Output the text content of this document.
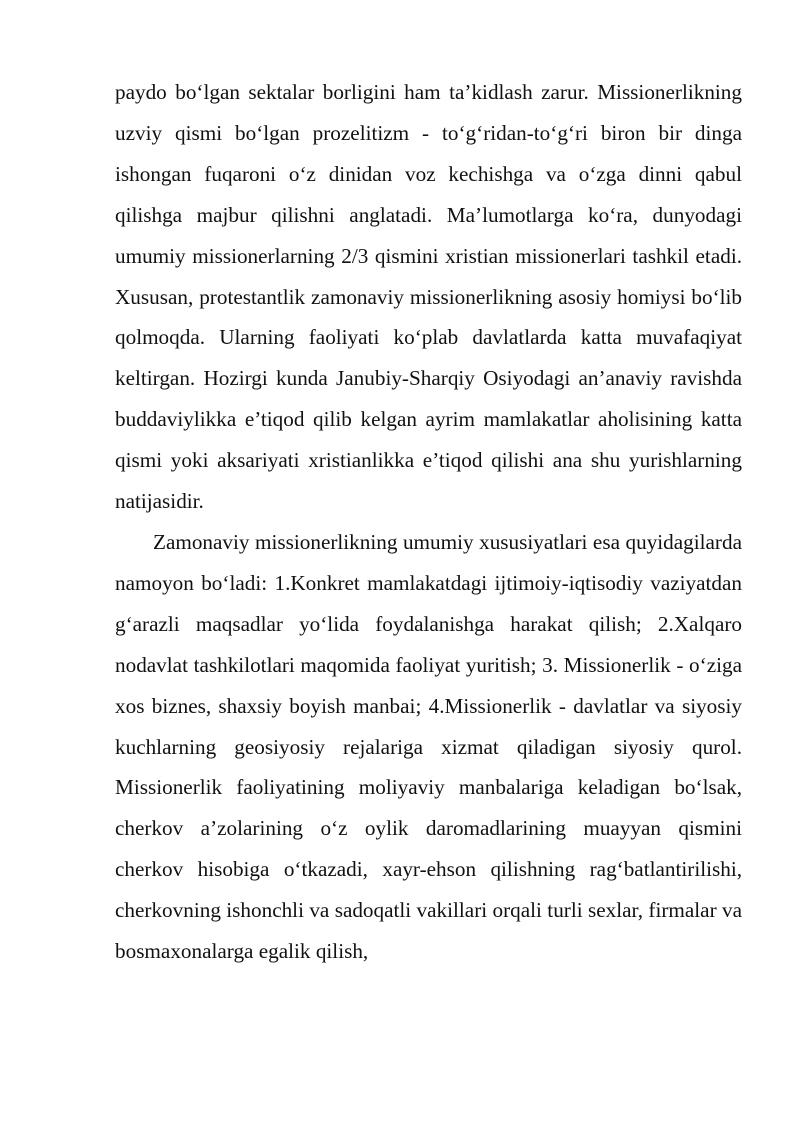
paydo bo‘lgan sektalar borligini ham ta’kidlash zarur. Missionerlikning uzviy qismi bo‘lgan prozelitizm - to‘g‘ridan-to‘g‘ri biron bir dinga ishongan fuqaroni o‘z dinidan voz kechishga va o‘zga dinni qabul qilishga majbur qilishni anglatadi. Ma’lumotlarga ko‘ra, dunyodagi umumiy missionerlarning 2/3 qismini xristian missionerlari tashkil etadi. Xususan, protestantlik zamonaviy missionerlikning asosiy homiysi bo‘lib qolmoqda. Ularning faoliyati ko‘plab davlatlarda katta muvafaqiyat keltirgan. Hozirgi kunda Janubiy-Sharqiy Osiyodagi an’anaviy ravishda buddaviylikka e’tiqod qilib kelgan ayrim mamlakatlar aholisining katta qismi yoki aksariyati xristianlikka e’tiqod qilishi ana shu yurishlarning natijasidir.

Zamonaviy missionerlikning umumiy xususiyatlari esa quyidagilarda namoyon bo‘ladi: 1.Konkret mamlakatdagi ijtimoiy-iqtisodiy vaziyatdan g‘arazli maqsadlar yo‘lida foydalanishga harakat qilish; 2.Xalqaro nodavlat tashkilotlari maqomida faoliyat yuritish; 3. Missionerlik - o‘ziga xos biznes, shaxsiy boyish manbai; 4.Missionerlik - davlatlar va siyosiy kuchlarning geosiyosiy rejalariga xizmat qiladigan siyosiy qurol. Missionerlik faoliyatining moliyaviy manbalariga keladigan bo‘lsak, cherkov a’zolarining o‘z oylik daromadlarining muayyan qismini cherkov hisobiga o‘tkazadi, xayr-ehson qilishning rag‘batlantirilishi, cherkovning ishonchli va sadoqatli vakillari orqali turli sexlar, firmalar va bosmaxonalarga egalik qilish,
